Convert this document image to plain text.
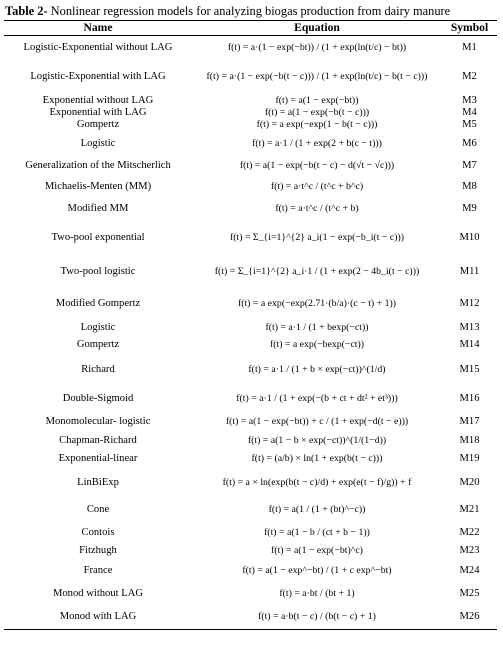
Table 2- Nonlinear regression models for analyzing biogas production from dairy manure
Name	Equation	Symbol
Logistic-Exponential without LAG	f(t) = a·(1 − exp(−bt)) / (1 + exp(ln(t/c) − bt))	M1
Logistic-Exponential with LAG	f(t) = a·(1 − exp(−b(t − c))) / (1 + exp(ln(t/c) − b(t − c)))	M2
Exponential without LAG	f(t) = a(1 − exp(−bt))	M3
Exponential with LAG	f(t) = a(1 − exp(−b(t − c)))	M4
Gompertz	f(t) = a exp(−exp(1 − b(t − c)))	M5
Logistic	f(t) = a·1 / (1 + exp(2 + b(c − t)))	M6
Generalization of the Mitscherlich	f(t) = a(1 − exp(−b(t − c) − d(√t − √c)))	M7
Michaelis-Menten (MM)	f(t) = a·t^c / (t^c + b^c)	M8
Modified MM	f(t) = a·t^c / (t^c + b)	M9
Two-pool exponential	f(t) = Σ_{i=1}^{2} a_i(1 − exp(−b_i(t − c)))	M10
Two-pool logistic	f(t) = Σ_{i=1}^{2} a_i·1 / (1 + exp(2 − 4b_i(t − c)))	M11
Modified Gompertz	f(t) = a exp(−exp(2.71·(b/a)·(c − t) + 1))	M12
Logistic	f(t) = a·1 / (1 + bexp(−ct))	M13
Gompertz	f(t) = a exp(−bexp(−ct))	M14
Richard	f(t) = a·1 / (1 + b × exp(−ct))^(1/d)	M15
Double-Sigmoid	f(t) = a·1 / (1 + exp(−(b + ct + dt² + et³)))	M16
Monomolecular- logistic	f(t) = a(1 − exp(−bt)) + c / (1 + exp(−d(t − e)))	M17
Chapman-Richard	f(t) = a(1 − b × exp(−ct))^(1/(1−d))	M18
Exponential-linear	f(t) = (a/b) × ln(1 + exp(b(t − c)))	M19
LinBiExp	f(t) = a × ln(exp(b(t − c)/d) + exp(e(t − f)/g)) + f	M20
Cone	f(t) = a(1 / (1 + (bt)^−c))	M21
Contois	f(t) = a(1 − b / (ct + b − 1))	M22
Fitzhugh	f(t) = a(1 − exp(−bt)^c)	M23
France	f(t) = a(1 − exp^−bt) / (1 + c exp^−bt)	M24
Monod without LAG	f(t) = a·bt / (bt + 1)	M25
Monod with LAG	f(t) = a·b(t − c) / (b(t − c) + 1)	M26
